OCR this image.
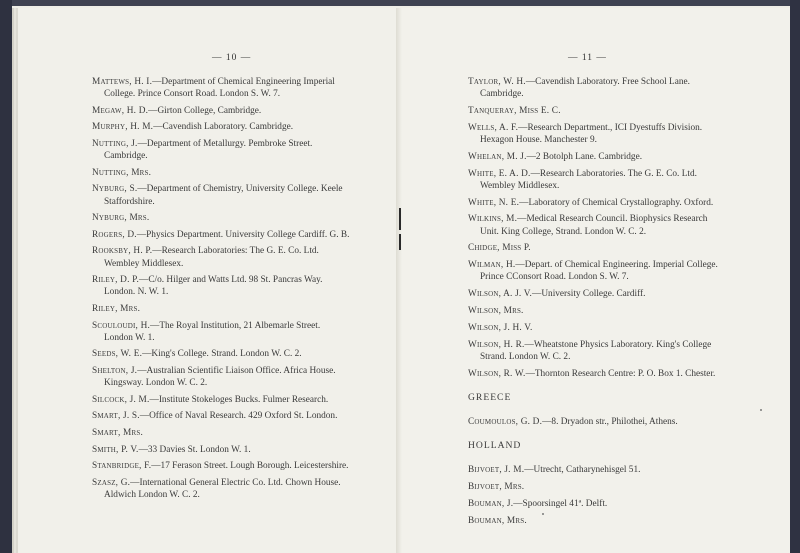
— 10 —	— 11 —
Mattews, H. I.—Department of Chemical Engineering Imperial College. Prince Consort Road. London S. W. 7.
Megaw, H. D.—Girton College, Cambridge.
Murphy, H. M.—Cavendish Laboratory. Cambridge.
Nutting, J.—Department of Metallurgy. Pembroke Street. Cambridge.
Nutting, Mrs.
Nyburg, S.—Department of Chemistry, University College. Keele Staffordshire.
Nyburg, Mrs.
Rogers, D.—Physics Department. University College Cardiff. G. B.
Rooksby, H. P.—Research Laboratories: The G. E. Co. Ltd. Wembley Middlesex.
Riley, D. P.—C/o. Hilger and Watts Ltd. 98 St. Pancras Way. London. N. W. 1.
Riley, Mrs.
Scouloudi, H.—The Royal Institution, 21 Albemarle Street. London W. 1.
Seeds, W. E.—King's College. Strand. London W. C. 2.
Shelton, J.—Australian Scientific Liaison Office. Africa House. Kingsway. London W. C. 2.
Silcock, J. M.—Institute Stokeloges Bucks. Fulmer Research.
Smart, J. S.—Office of Naval Research. 429 Oxford St. London.
Smart, Mrs.
Smith, P. V.—33 Davies St. London W. 1.
Stanbridge, F.—17 Ferason Street. Lough Borough. Leicestershire.
Szasz, G.—International General Electric Co. Ltd. Chown House. Aldwich London W. C. 2.
Taylor, W. H.—Cavendish Laboratory. Free School Lane. Cambridge.
Tanqueray, Miss E. C.
Wells, A. F.—Research Department., ICI Dyestuffs Division. Hexagon House. Manchester 9.
Whelan, M. J.—2 Botolph Lane. Cambridge.
White, E. A. D.—Research Laboratories. The G. E. Co. Ltd. Wembley Middlesex.
White, N. E.—Laboratory of Chemical Crystallography. Oxford.
Wilkins, M.—Medical Research Council. Biophysics Research Unit. King College, Strand. London W. C. 2.
Chidge, Miss P.
Wilman, H.—Depart. of Chemical Engineering. Imperial College. Prince CConsort Road. London S. W. 7.
Wilson, A. J. V.—University College. Cardiff.
Wilson, Mrs.
Wilson, J. H. V.
Wilson, H. R.—Wheatstone Physics Laboratory. King's College Strand. London W. C. 2.
Wilson, R. W.—Thornton Research Centre: P. O. Box 1. Chester.
GREECE
Coumoulos, G. D.—8. Dryadon str., Philothei, Athens.
HOLLAND
Bijvoet, J. M.—Utrecht, Catharynehisgel 51.
Bijvoet, Mrs.
Bouman, J.—Spoorsingel 41ª. Delft.
Bouman, Mrs.
